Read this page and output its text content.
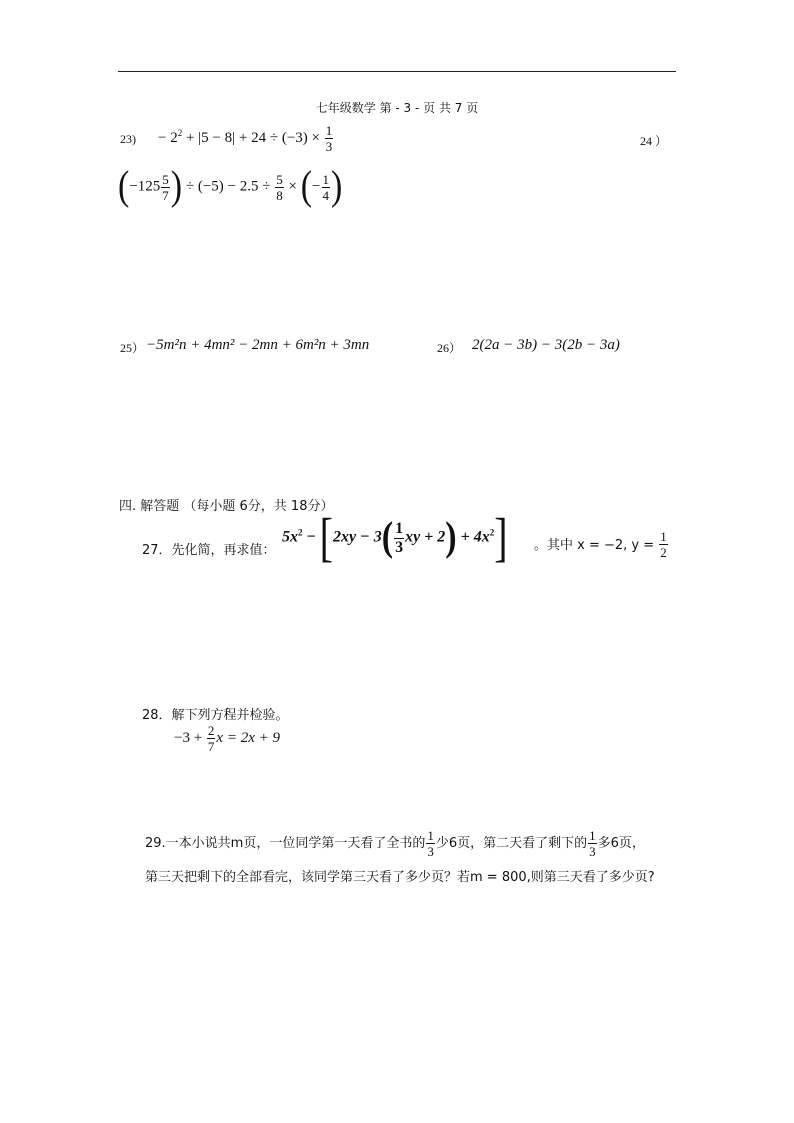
七年级数学 第 - 3 - 页 共 7 页
$23) - 2^2 + |5 - 8| + 24 \div (-3) \times \frac{1}{3}$	24 ）
($-125 \frac{5}{7}$ ) ÷ $(-5) - 2.5 \div \frac{5}{8}$ × (− $\frac{1}{4}$ )
25） −5m²n + 4mn² − 2mn + 6m²n + 3mn	26） 2(2a − 3b) − 3(2b − 3a)
四. 解答题 （每小题 6分，共 18分）
27．先化简，再求值：
$5x^2 - [2xy - 3( \frac{1}{3}$ xy + $2) + 4x^2$] 。其中 x = −2, $y = \frac{1}{2}$
28．解下列方程并检验。
$-3 + \frac{2}{7}$ x = 2x + 9
29.一本小说共m页，一位同学第一天看了全书的 $\frac{1}{3}$ 少6页，第二天看了剩下的 $\frac{1}{3}$ 多6页，
第三天把剩下的全部看完，该同学第三天看了多少页？若m = 800,则第三天看了多少页?
